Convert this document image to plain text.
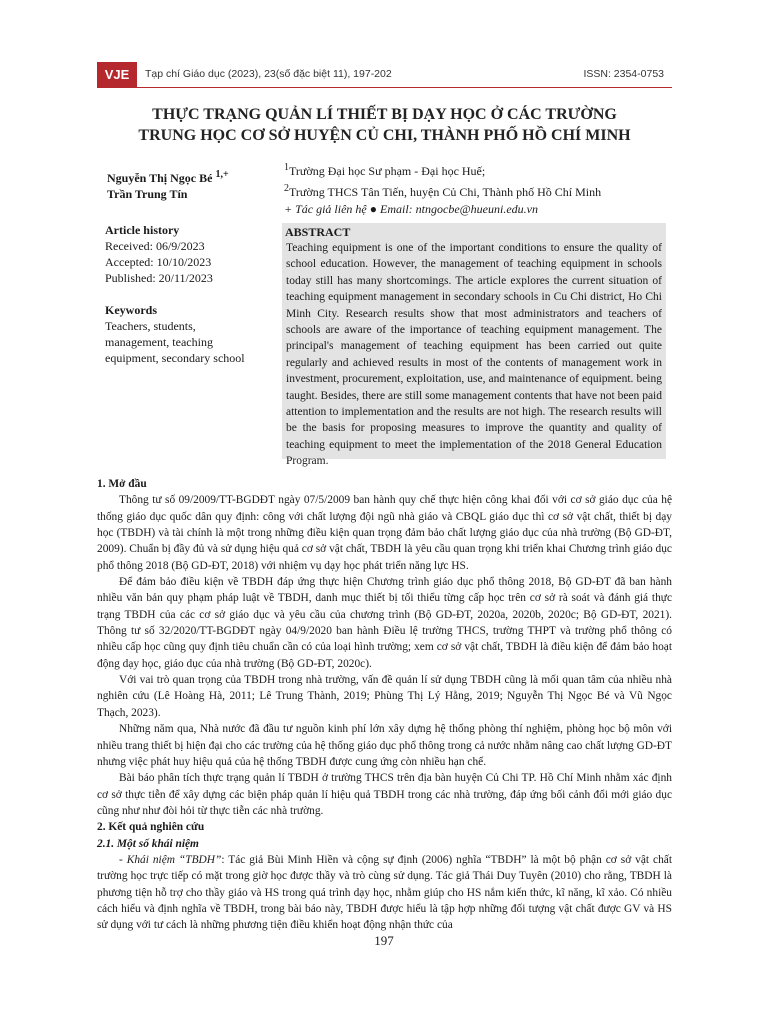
VJE	Tạp chí Giáo dục (2023), 23(số đặc biệt 11), 197-202	ISSN: 2354-0753
THỰC TRẠNG QUẢN LÍ THIẾT BỊ DẠY HỌC Ở CÁC TRƯỜNG
TRUNG HỌC CƠ SỞ HUYỆN CỦ CHI, THÀNH PHỐ HỒ CHÍ MINH
Nguyễn Thị Ngọc Bé $^{1,+}$
Trần Trung Tín
$^1$Trường Đại học Sư phạm - Đại học Huế;
$^2$Trường THCS Tân Tiến, huyện Củ Chi, Thành phố Hồ Chí Minh
+ Tác giả liên hệ ● Email: ntngocbe@hueuni.edu.vn
Article history
Received: 06/9/2023
Accepted: 10/10/2023
Published: 20/11/2023
Keywords
Teachers, students,
management, teaching
equipment, secondary school
ABSTRACT
Teaching equipment is one of the important conditions to ensure the quality of school education. However, the management of teaching equipment in schools today still has many shortcomings. The article explores the current situation of teaching equipment management in secondary schools in Cu Chi district, Ho Chi Minh City. Research results show that most administrators and teachers of schools are aware of the importance of teaching equipment management. The principal's management of teaching equipment has been carried out quite regularly and achieved results in most of the contents of management work in investment, procurement, exploitation, use, and maintenance of equipment. being taught. Besides, there are still some management contents that have not been paid attention to implementation and the results are not high. The research results will be the basis for proposing measures to improve the quantity and quality of teaching equipment to meet the implementation of the 2018 General Education Program.

1. Mở đầu

Thông tư số 09/2009/TT-BGDĐT ngày 07/5/2009 ban hành quy chế thực hiện công khai đối với cơ sở giáo dục của hệ thống giáo dục quốc dân quy định: công với chất lượng đội ngũ nhà giáo và CBQL giáo dục thì cơ sở vật chất, thiết bị dạy học (TBDH) và tài chính là một trong những điều kiện quan trọng đảm bảo chất lượng giáo dục của nhà trường (Bộ GD-ĐT, 2009). Chuẩn bị đầy đủ và sử dụng hiệu quả cơ sở vật chất, TBDH là yêu cầu quan trọng khi triển khai Chương trình giáo dục phổ thông 2018 (Bộ GD-ĐT, 2018) với nhiệm vụ dạy học phát triển năng lực HS.

Để đảm bảo điều kiện về TBDH đáp ứng thực hiện Chương trình giáo dục phổ thông 2018, Bộ GD-ĐT đã ban hành nhiều văn bản quy phạm pháp luật về TBDH, danh mục thiết bị tối thiểu từng cấp học trên cơ sở rà soát và đánh giá thực trạng TBDH của các cơ sở giáo dục và yêu cầu của chương trình (Bộ GD-ĐT, 2020a, 2020b, 2020c; Bộ GD-ĐT, 2021). Thông tư số 32/2020/TT-BGDĐT ngày 04/9/2020 ban hành Điều lệ trường THCS, trường THPT và trường phổ thông có nhiều cấp học cũng quy định tiêu chuẩn cần có của loại hình trường; xem cơ sở vật chất, TBDH là điều kiện để đảm bảo hoạt động dạy học, giáo dục của nhà trường (Bộ GD-ĐT, 2020c).

Với vai trò quan trọng của TBDH trong nhà trường, vấn đề quản lí sử dụng TBDH cũng là mối quan tâm của nhiều nhà nghiên cứu (Lê Hoàng Hà, 2011; Lê Trung Thành, 2019; Phùng Thị Lý Hằng, 2019; Nguyễn Thị Ngọc Bé và Vũ Ngọc Thạch, 2023).

Những năm qua, Nhà nước đã đầu tư nguồn kinh phí lớn xây dựng hệ thống phòng thí nghiệm, phòng học bộ môn với nhiều trang thiết bị hiện đại cho các trường của hệ thống giáo dục phổ thông trong cả nước nhằm nâng cao chất lượng GD-ĐT nhưng việc phát huy hiệu quả của hệ thống TBDH được cung ứng còn nhiều hạn chế.

Bài báo phân tích thực trạng quản lí TBDH ở trường THCS trên địa bàn huyện Củ Chi TP. Hồ Chí Minh nhằm xác định cơ sở thực tiễn để xây dựng các biện pháp quản lí hiệu quả TBDH trong các nhà trường, đáp ứng bối cảnh đổi mới giáo dục cũng như như đòi hỏi từ thực tiễn các nhà trường.

2. Kết quả nghiên cứu

2.1. Một số khái niệm

- Khái niệm “TBDH”: Tác giả Bùi Minh Hiền và cộng sự định (2006) nghĩa “TBDH” là một bộ phận cơ sở vật chất trường học trực tiếp có mặt trong giờ học được thầy và trò cùng sử dụng. Tác giả Thái Duy Tuyên (2010) cho rằng, TBDH là phương tiện hỗ trợ cho thầy giáo và HS trong quá trình dạy học, nhằm giúp cho HS nắm kiến thức, kĩ năng, kĩ xảo. Có nhiều cách hiểu và định nghĩa về TBDH, trong bài báo này, TBDH được hiểu là tập hợp những đối tượng vật chất được GV và HS sử dụng với tư cách là những phương tiện điều khiển hoạt động nhận thức của

197
